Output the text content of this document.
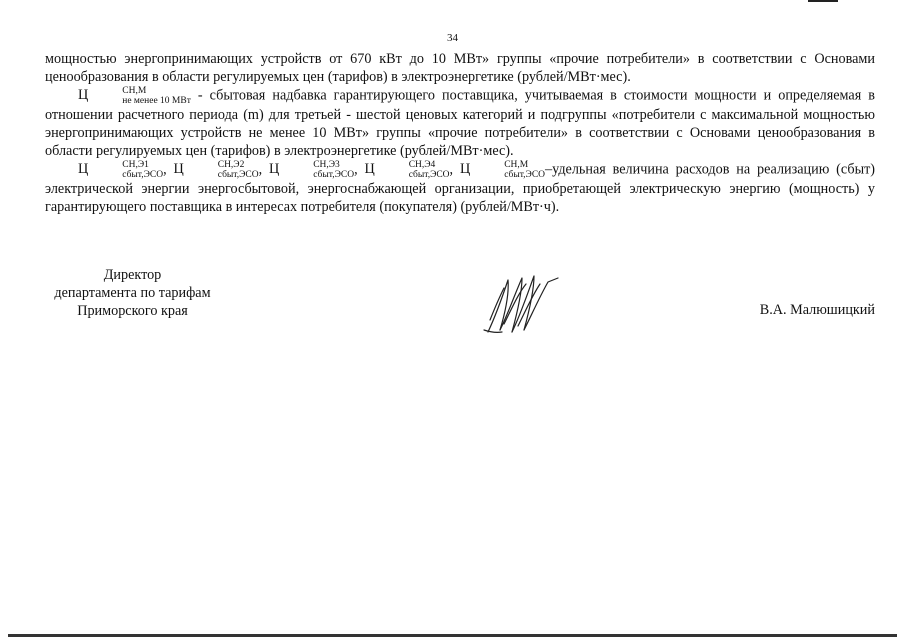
34

мощностью энергопринимающих устройств от 670 кВт до 10 МВт» группы «прочие потребители» в соответствии с Основами ценообразования в области регулируемых цен (тарифов) в электроэнергетике (рублей/МВт·мес).

Ц	СН,М
не менее 10 МВт - сбытовая надбавка гарантирующего поставщика, учитываемая в стоимости мощности и определяемая в отношении расчетного периода (m) для третьей - шестой ценовых категорий и подгруппы «потребители с максимальной мощностью энергопринимающих устройств не менее 10 МВт» группы «прочие потребители» в соответствии с Основами ценообразования в области регулируемых цен (тарифов) в электроэнергетике (рублей/МВт·мес).

Ц	СН,Э1
сбыт,ЭСО , Ц	СН,Э2
сбыт,ЭСО , Ц	СН,Э3
сбыт,ЭСО , Ц	СН,Э4
сбыт,ЭСО , Ц	СН,М
сбыт,ЭСО –удельная величина расходов на реализацию (сбыт) электрической энергии энергосбытовой, энергоснабжающей организации, приобретающей электрическую энергию (мощность) у гарантирующего поставщика в интересах потребителя (покупателя) (рублей/МВт·ч).

Директор
департамента по тарифам
Приморского края	В.А. Малюшицкий
